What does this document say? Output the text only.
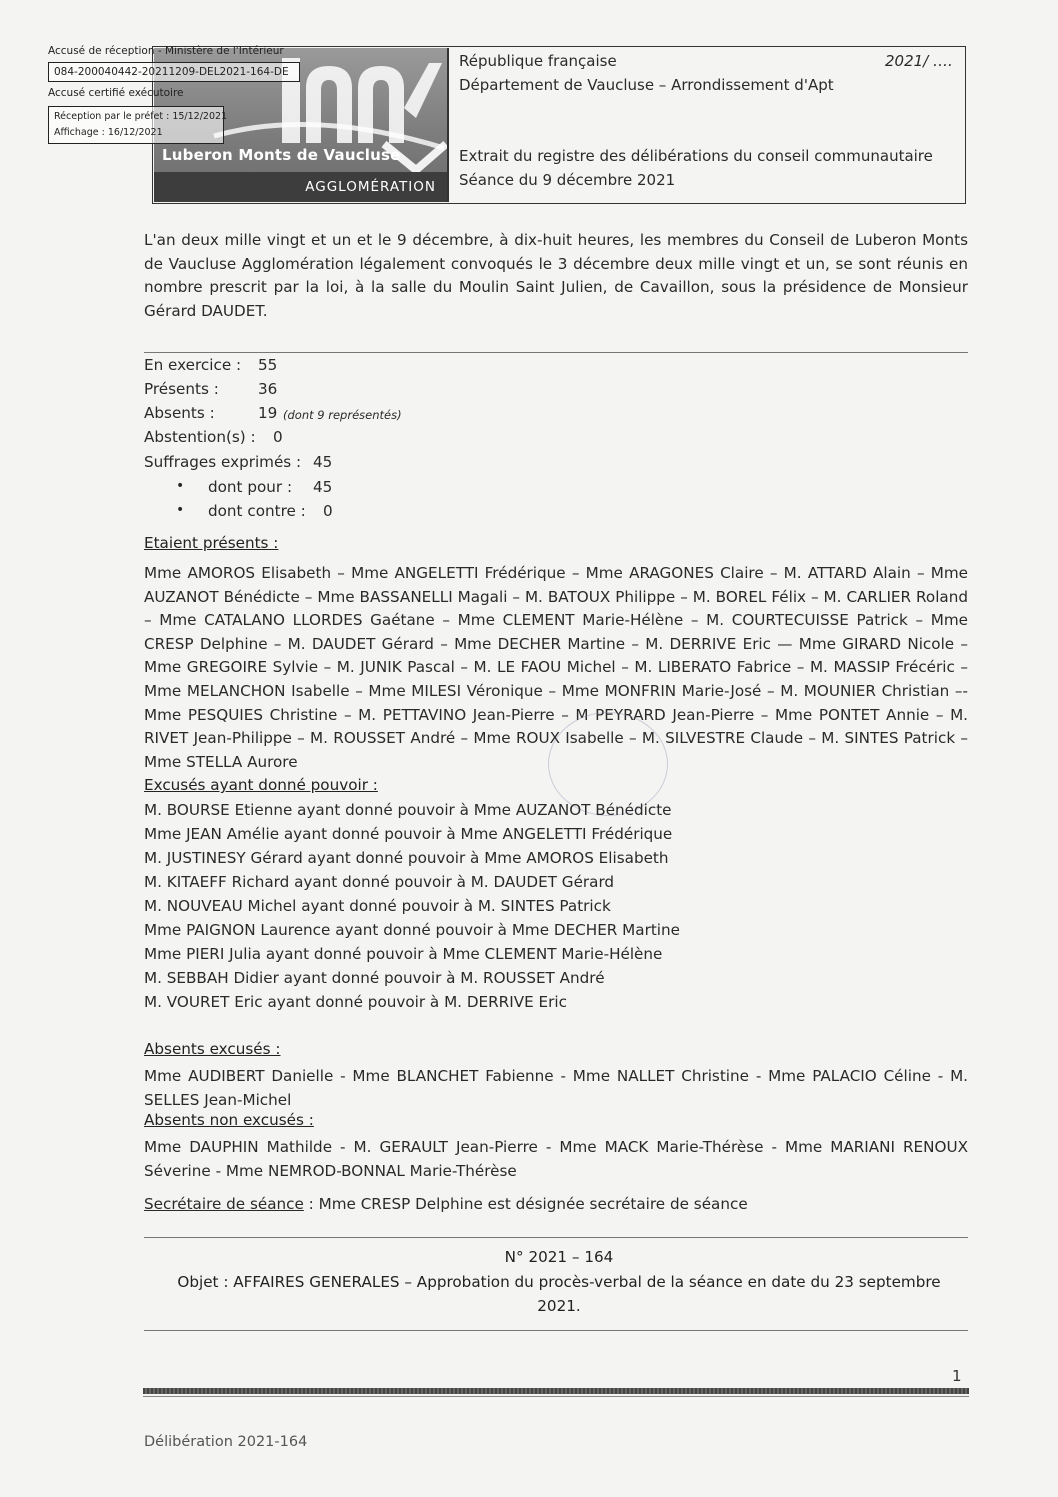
Luberon Monts de Vaucluse
AGGLOMÉRATION
République française	2021/ ….
Département de Vaucluse – Arrondissement d'Apt
Extrait du registre des délibérations du conseil communautaire
Séance du 9 décembre 2021
Accusé de réception - Ministère de l'Intérieur
084-200040442-20211209-DEL2021-164-DE
Accusé certifié exécutoire
Réception par le préfet : 15/12/2021
Affichage : 16/12/2021
L'an deux mille vingt et un et le 9 décembre, à dix-huit heures, les membres du Conseil de Luberon Monts de Vaucluse Agglomération légalement convoqués le 3 décembre deux mille vingt et un, se sont réunis en nombre prescrit par la loi, à la salle du Moulin Saint Julien, de Cavaillon, sous la présidence de Monsieur Gérard DAUDET.
En exercice : 55
Présents :	36
Absents :	19 (dont 9 représentés)
Abstention(s) : 0
Suffrages exprimés : 45
• dont pour : 45
• dont contre : 0
Etaient présents :
Mme AMOROS Elisabeth – Mme ANGELETTI Frédérique – Mme ARAGONES Claire – M. ATTARD Alain – Mme AUZANOT Bénédicte – Mme BASSANELLI Magali – M. BATOUX Philippe – M. BOREL Félix – M. CARLIER Roland – Mme CATALANO LLORDES Gaétane – Mme CLEMENT Marie-Hélène – M. COURTECUISSE Patrick – Mme CRESP Delphine – M. DAUDET Gérard – Mme DECHER Martine – M. DERRIVE Eric — Mme GIRARD Nicole – Mme GREGOIRE Sylvie – M. JUNIK Pascal – M. LE FAOU Michel – M. LIBERATO Fabrice – M. MASSIP Frécéric – Mme MELANCHON Isabelle – Mme MILESI Véronique – Mme MONFRIN Marie-José – M. MOUNIER Christian –- Mme PESQUIES Christine – M. PETTAVINO Jean-Pierre – M PEYRARD Jean-Pierre – Mme PONTET Annie – M. RIVET Jean-Philippe – M. ROUSSET André – Mme ROUX Isabelle – M. SILVESTRE Claude – M. SINTES Patrick – Mme STELLA Aurore
Excusés ayant donné pouvoir :
M. BOURSE Etienne ayant donné pouvoir à Mme AUZANOT Bénédicte
Mme JEAN Amélie ayant donné pouvoir à Mme ANGELETTI Frédérique
M. JUSTINESY Gérard ayant donné pouvoir à Mme AMOROS Elisabeth
M. KITAEFF Richard ayant donné pouvoir à M. DAUDET Gérard
M. NOUVEAU Michel ayant donné pouvoir à M. SINTES Patrick
Mme PAIGNON Laurence ayant donné pouvoir à Mme DECHER Martine
Mme PIERI Julia ayant donné pouvoir à Mme CLEMENT Marie-Hélène
M. SEBBAH Didier ayant donné pouvoir à M. ROUSSET André
M. VOURET Eric ayant donné pouvoir à M. DERRIVE Eric
Absents excusés :
Mme AUDIBERT Danielle - Mme BLANCHET Fabienne - Mme NALLET Christine - Mme PALACIO Céline - M. SELLES Jean-Michel
Absents non excusés :
Mme DAUPHIN Mathilde - M. GERAULT Jean-Pierre - Mme MACK Marie-Thérèse - Mme MARIANI RENOUX Séverine - Mme NEMROD-BONNAL Marie-Thérèse
Secrétaire de séance : Mme CRESP Delphine est désignée secrétaire de séance
N° 2021 – 164
Objet : AFFAIRES GENERALES – Approbation du procès-verbal de la séance en date du 23 septembre
2021.
1
Délibération 2021-164
